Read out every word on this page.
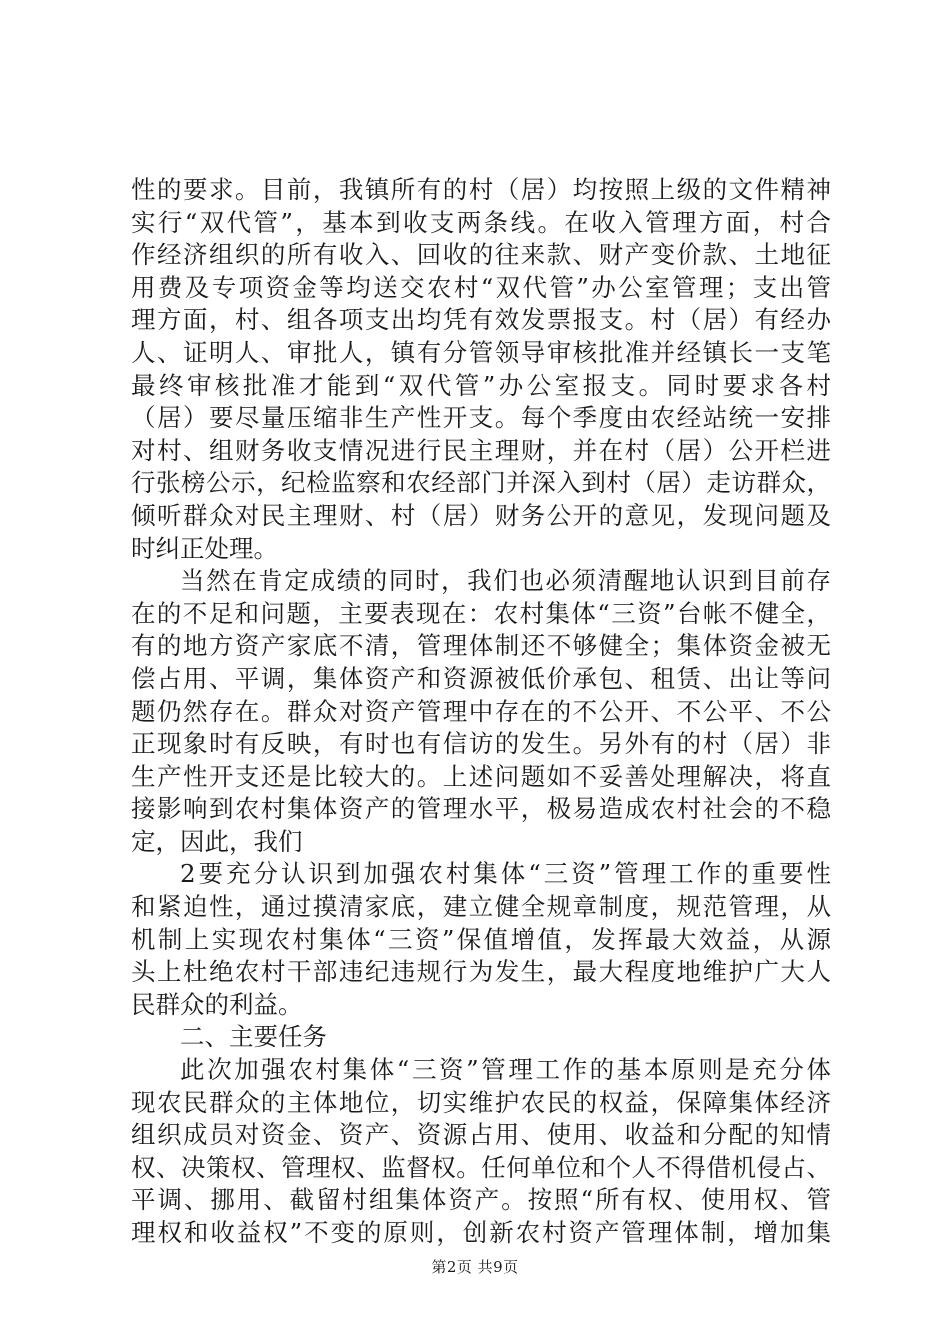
性的要求。目前，我镇所有的村（居）均按照上级的文件精神
实行“双代管”，基本到收支两条线。在收入管理方面，村合
作经济组织的所有收入、回收的往来款、财产变价款、土地征
用费及专项资金等均送交农村“双代管”办公室管理；支出管
理方面，村、组各项支出均凭有效发票报支。村（居）有经办
人、证明人、审批人，镇有分管领导审核批准并经镇长一支笔
最终审核批准才能到“双代管”办公室报支。同时要求各村
（居）要尽量压缩非生产性开支。每个季度由农经站统一安排
对村、组财务收支情况进行民主理财，并在村（居）公开栏进
行张榜公示，纪检监察和农经部门并深入到村（居）走访群众，
倾听群众对民主理财、村（居）财务公开的意见，发现问题及
时纠正处理。
当然在肯定成绩的同时，我们也必须清醒地认识到目前存
在的不足和问题，主要表现在：农村集体“三资”台帐不健全，
有的地方资产家底不清，管理体制还不够健全；集体资金被无
偿占用、平调，集体资产和资源被低价承包、租赁、出让等问
题仍然存在。群众对资产管理中存在的不公开、不公平、不公
正现象时有反映，有时也有信访的发生。另外有的村（居）非
生产性开支还是比较大的。上述问题如不妥善处理解决，将直
接影响到农村集体资产的管理水平，极易造成农村社会的不稳
定，因此，我们
2要充分认识到加强农村集体“三资”管理工作的重要性
和紧迫性，通过摸清家底，建立健全规章制度，规范管理，从
机制上实现农村集体“三资”保值增值，发挥最大效益，从源
头上杜绝农村干部违纪违规行为发生，最大程度地维护广大人
民群众的利益。
二、主要任务
此次加强农村集体“三资”管理工作的基本原则是充分体
现农民群众的主体地位，切实维护农民的权益，保障集体经济
组织成员对资金、资产、资源占用、使用、收益和分配的知情
权、决策权、管理权、监督权。任何单位和个人不得借机侵占、
平调、挪用、截留村组集体资产。按照“所有权、使用权、管
理权和收益权”不变的原则，创新农村资产管理体制，增加集
第2页 共9页
